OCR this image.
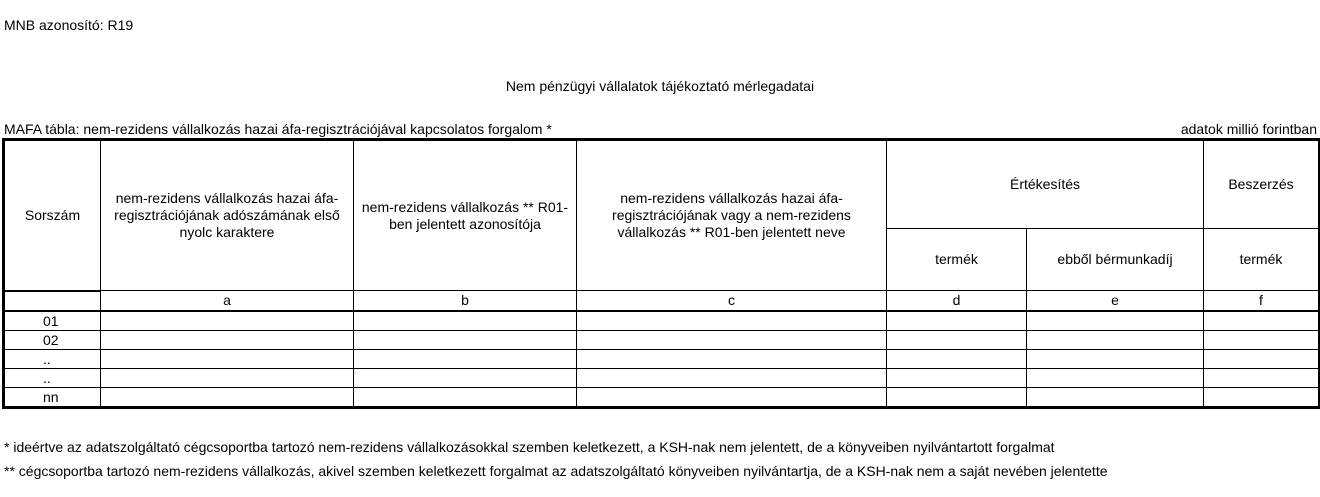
MNB azonosító: R19
Nem pénzügyi vállalatok tájékoztató mérlegadatai
MAFA tábla: nem-rezidens vállalkozás hazai áfa-regisztrációjával kapcsolatos forgalom *	adatok millió forintban
Sorszám	nem-rezidens vállalkozás hazai áfa-regisztrációjának adószámának első nyolc karaktere	nem-rezidens vállalkozás ** R01-ben jelentett azonosítója	nem-rezidens vállalkozás hazai áfa-regisztrációjának vagy a nem-rezidens vállalkozás ** R01-ben jelentett neve	Értékesítés		Beszerzés
				termék	ebből bérmunkadíj	termék
	a	b	c	d	e	f
01						
02						
..						
..						
nn						
* ideértve az adatszolgáltató cégcsoportba tartozó nem-rezidens vállalkozásokkal szemben keletkezett, a KSH-nak nem jelentett, de a könyveiben nyilvántartott forgalmat
** cégcsoportba tartozó nem-rezidens vállalkozás, akivel szemben keletkezett forgalmat az adatszolgáltató könyveiben nyilvántartja, de a KSH-nak nem a saját nevében jelentette
